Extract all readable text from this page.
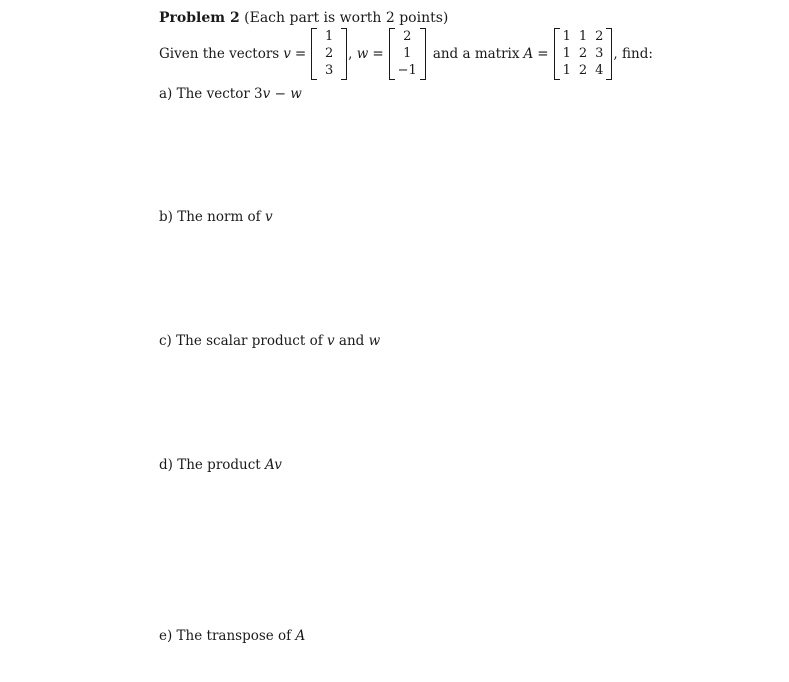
Problem 2 (Each part is worth 2 points)
Given the vectors v =
1
2
3
, w =
2
1
−1
and a matrix A =
1 1 2
1 2 3
1 2 4
, find:
a) The vector 3v − w
b) The norm of v
c) The scalar product of v and w
d) The product Av
e) The transpose of A
